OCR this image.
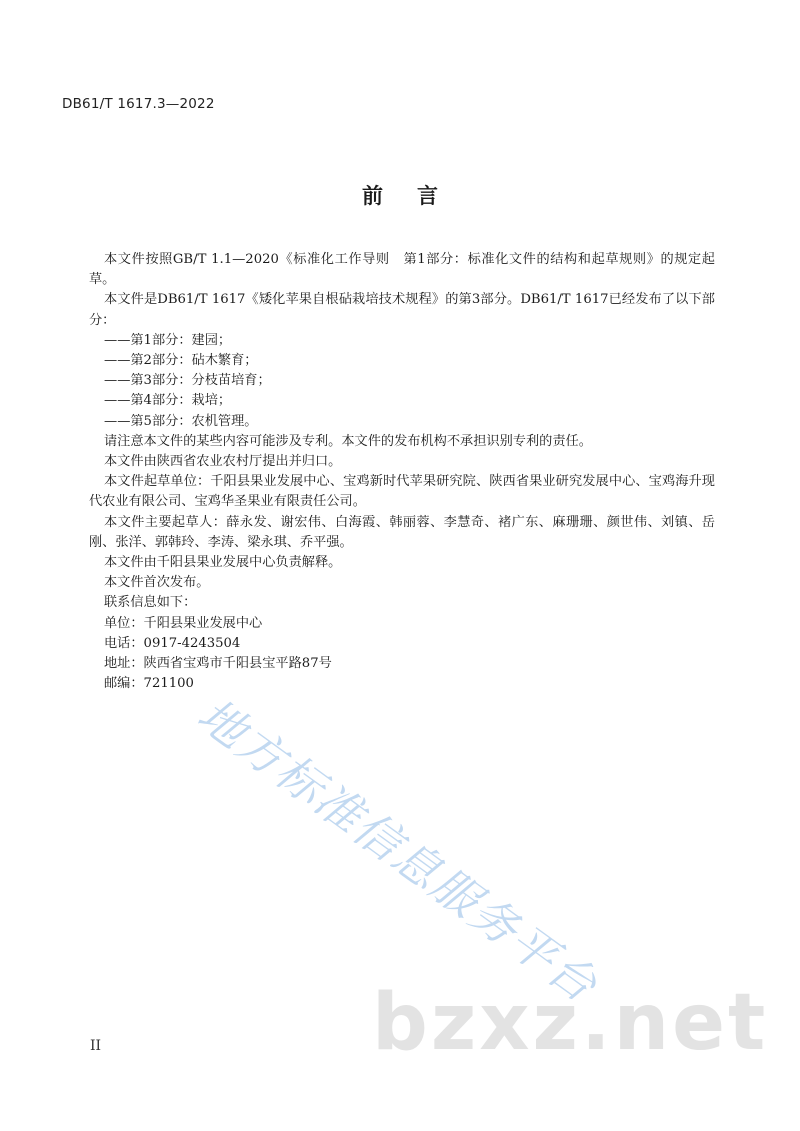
DB61/T 1617.3—2022
前言

本文件按照GB/T 1.1—2020《标准化工作导则　第1部分：标准化文件的结构和起草规则》的规定起草。

本文件是DB61/T 1617《矮化苹果自根砧栽培技术规程》的第3部分。DB61/T 1617已经发布了以下部分：

——第1部分：建园；

——第2部分：砧木繁育；

——第3部分：分枝苗培育；

——第4部分：栽培；

——第5部分：农机管理。

请注意本文件的某些内容可能涉及专利。本文件的发布机构不承担识别专利的责任。

本文件由陕西省农业农村厅提出并归口。

本文件起草单位：千阳县果业发展中心、宝鸡新时代苹果研究院、陕西省果业研究发展中心、宝鸡海升现代农业有限公司、宝鸡华圣果业有限责任公司。

本文件主要起草人：薛永发、谢宏伟、白海霞、韩丽蓉、李慧奇、褚广东、麻珊珊、颜世伟、刘镇、岳刚、张洋、郭韩玲、李涛、梁永琪、乔平强。

本文件由千阳县果业发展中心负责解释。

本文件首次发布。

联系信息如下：

单位：千阳县果业发展中心

电话：0917-4243504

地址：陕西省宝鸡市千阳县宝平路87号

邮编：721100

II
地方标准信息服务平台
bzxz.net
